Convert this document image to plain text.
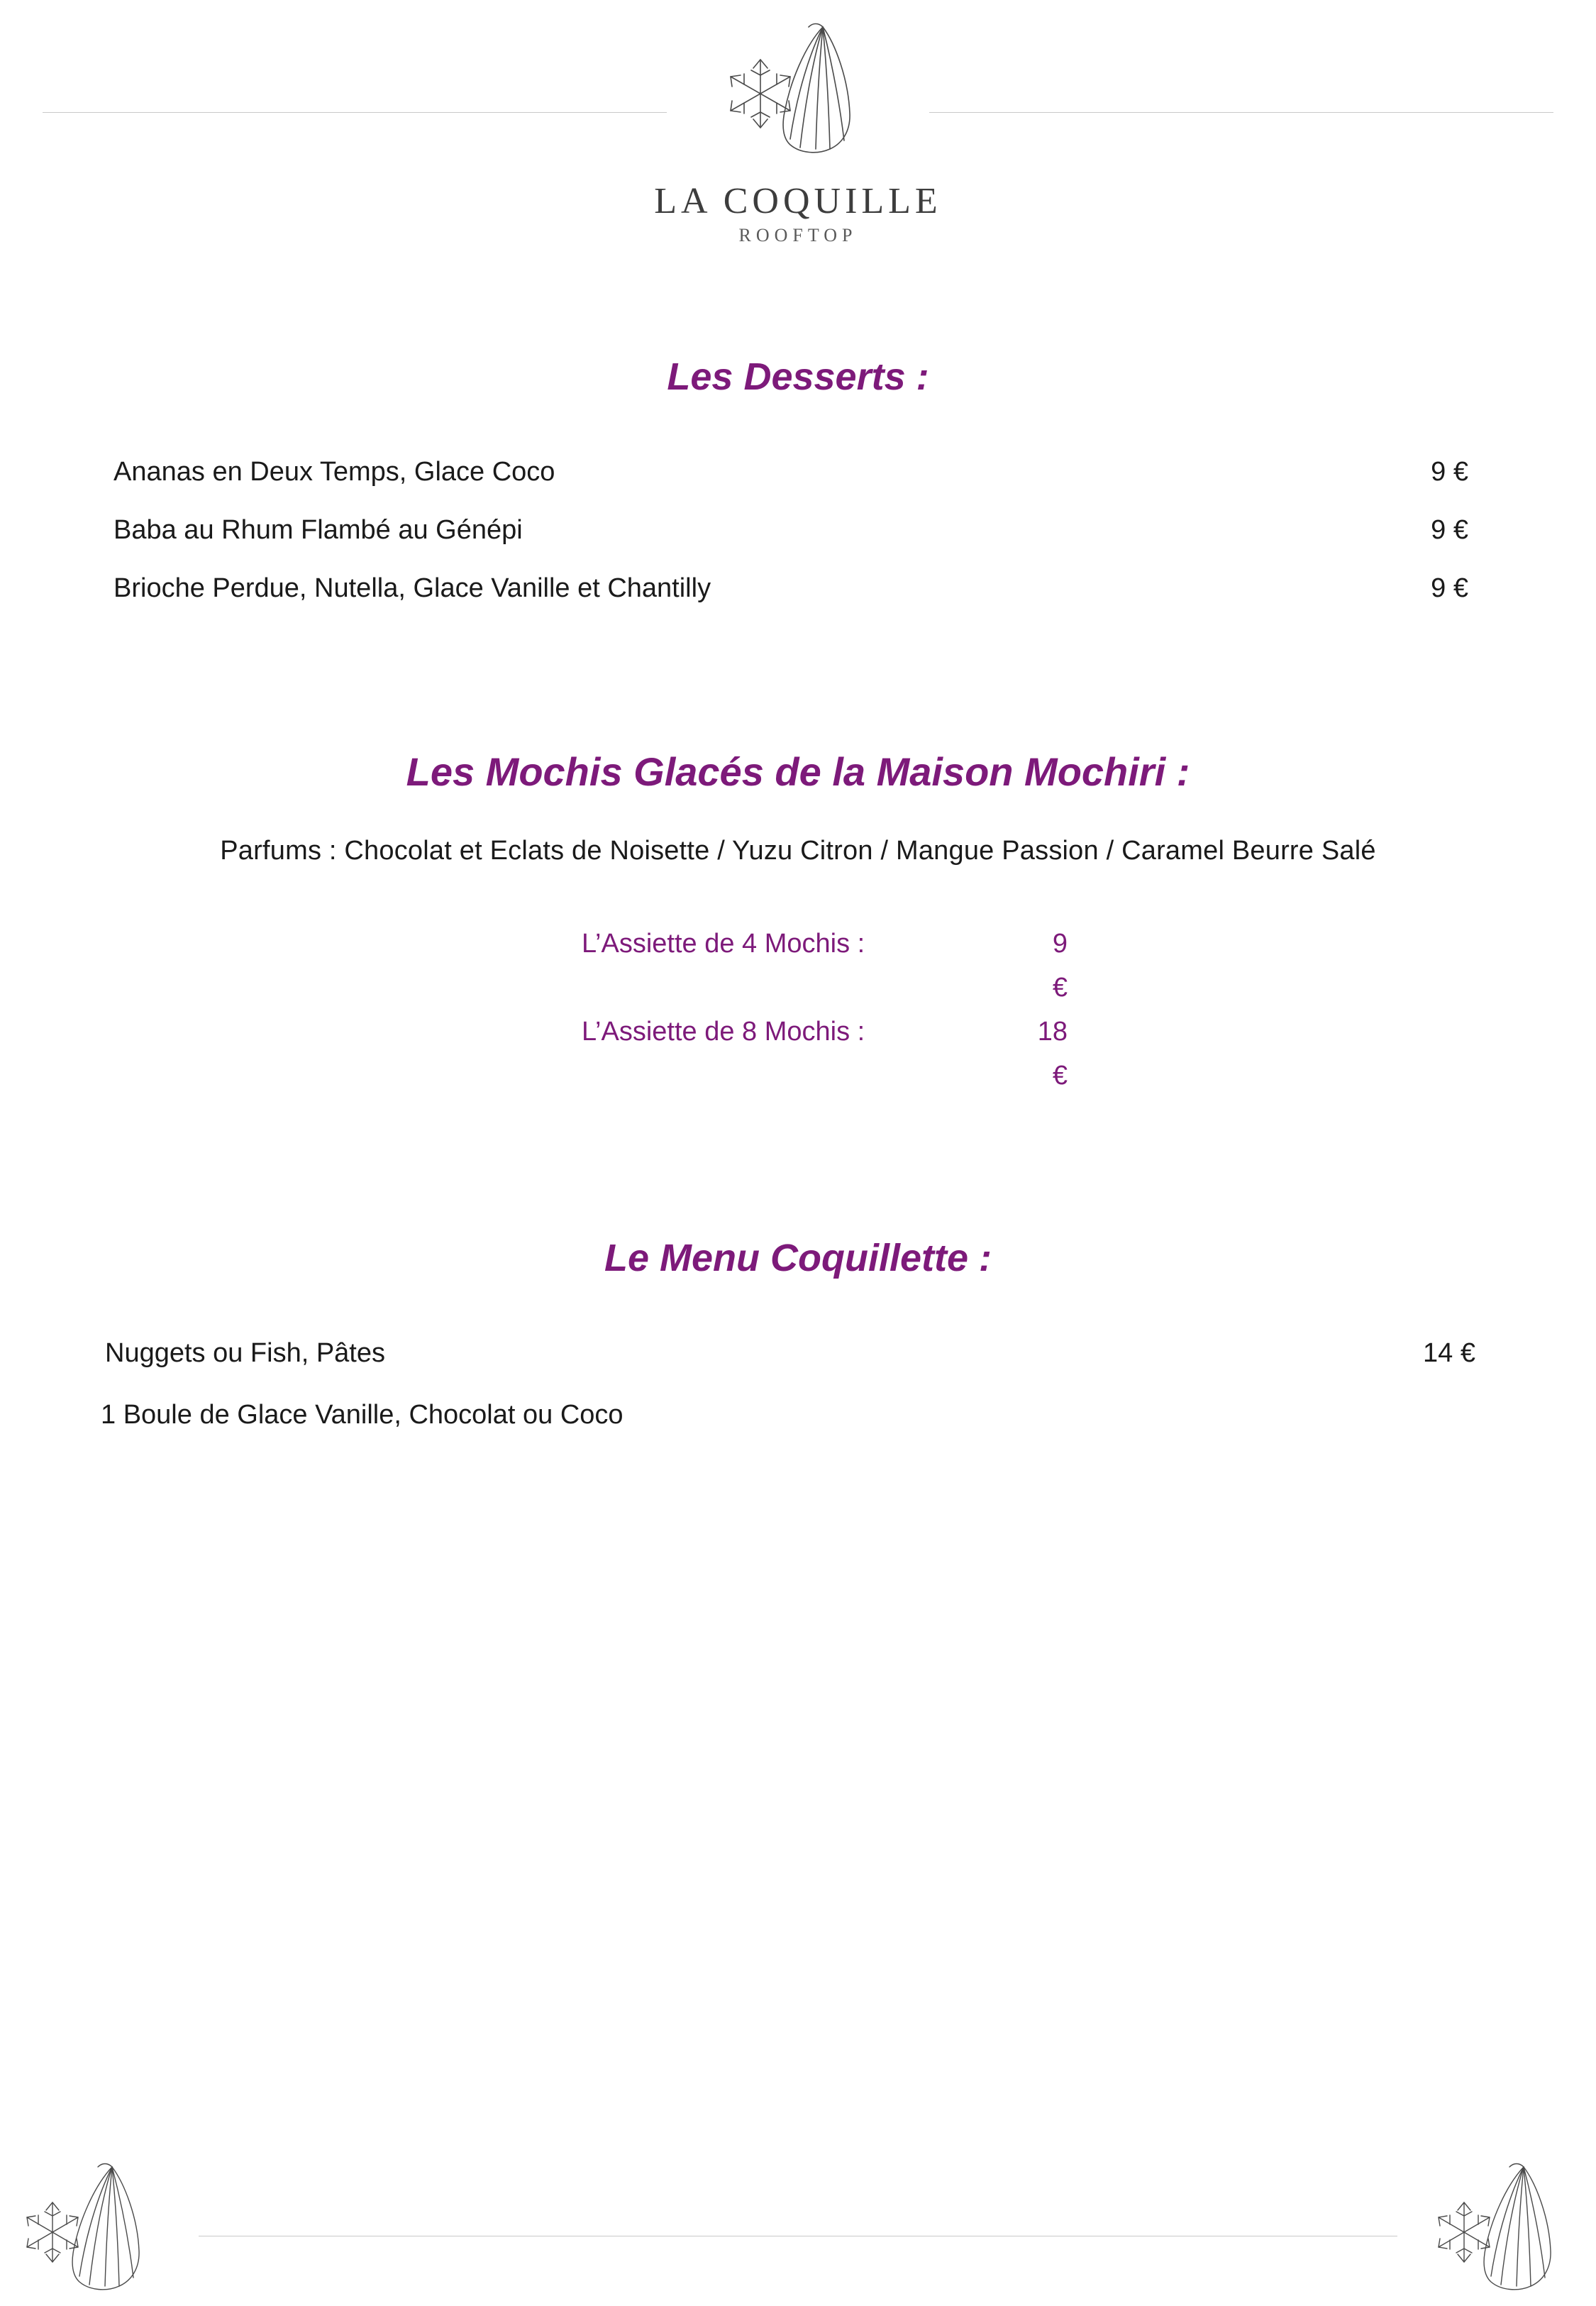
LA COQUILLE
ROOFTOP
Les Desserts :
Ananas en Deux Temps, Glace Coco	9 €
Baba au Rhum Flambé au Génépi	9 €
Brioche Perdue, Nutella, Glace Vanille et Chantilly	9 €
Les Mochis Glacés de la Maison Mochiri :
Parfums : Chocolat et Eclats de Noisette / Yuzu Citron / Mangue Passion / Caramel Beurre Salé
L’Assiette de 4 Mochis :	9 €
L’Assiette de 8 Mochis :	18 €
Le Menu Coquillette :
Nuggets ou Fish, Pâtes	14 €
1 Boule de Glace Vanille, Chocolat ou Coco
